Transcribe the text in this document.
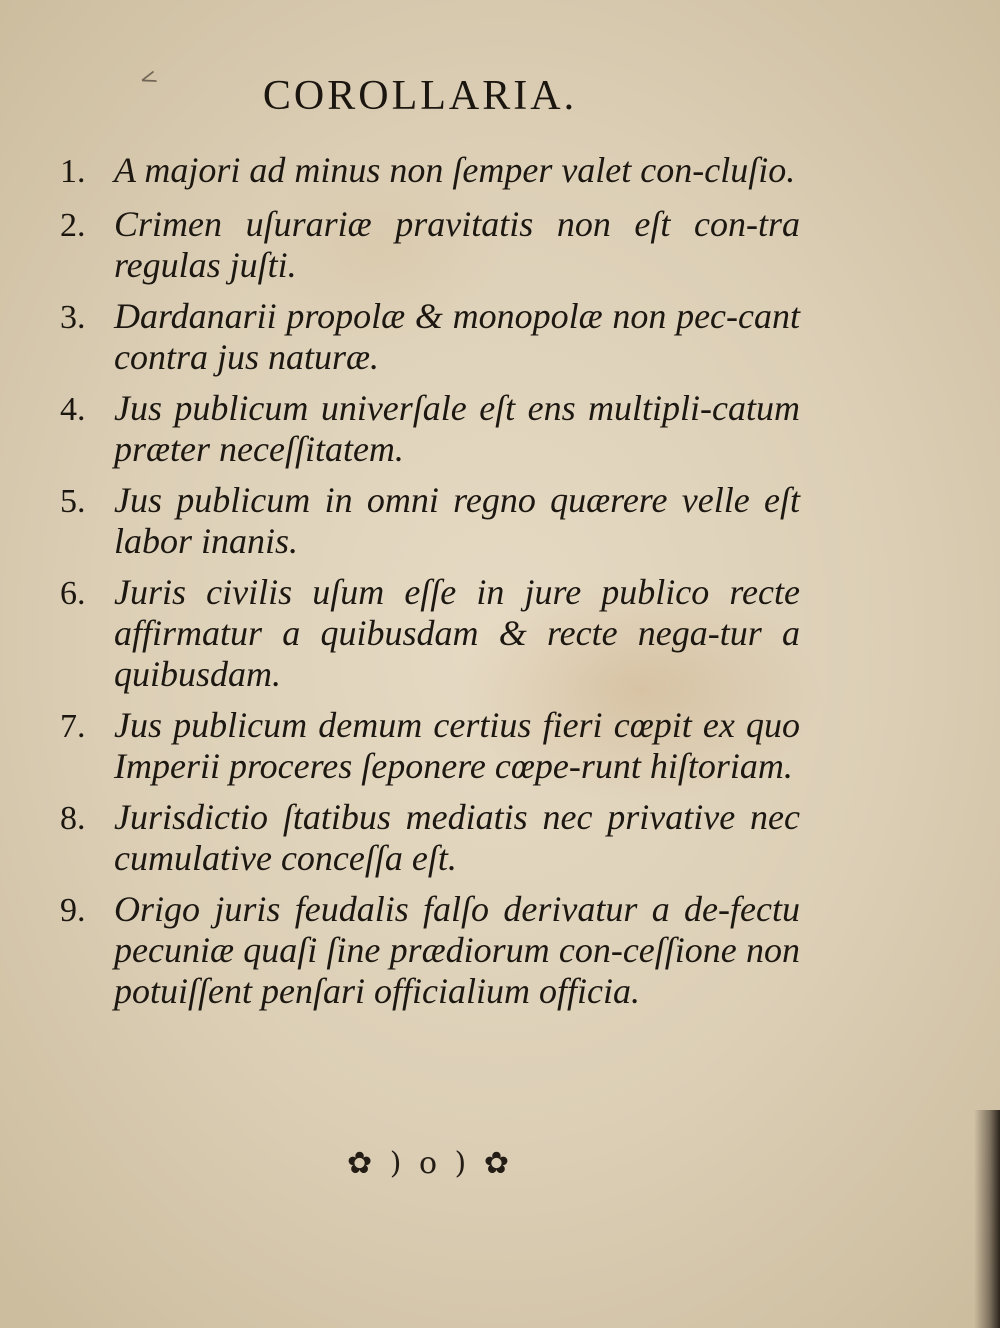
<	COROLLARIA.
1. A majori ad minus non ſemper valet con-cluſio.
2. Crimen uſurariæ pravitatis non eſt con-tra regulas juſti.
3. Dardanarii propolæ & monopolæ non pec-cant contra jus naturæ.
4. Jus publicum univerſale eſt ens multipli-catum præter neceſſitatem.
5. Jus publicum in omni regno quærere velle eſt labor inanis.
6. Juris civilis uſum eſſe in jure publico recte affirmatur a quibusdam & recte nega-tur a quibusdam.
7. Jus publicum demum certius fieri cœpit ex quo Imperii proceres ſeponere cœpe-runt hiſtoriam.
8. Jurisdictio ſtatibus mediatis nec privative nec cumulative conceſſa eſt.
9. Origo juris feudalis falſo derivatur a de-fectu pecuniæ quaſi ſine prædiorum con-ceſſione non potuiſſent penſari officialium officia.
✿ ) o ) ✿
